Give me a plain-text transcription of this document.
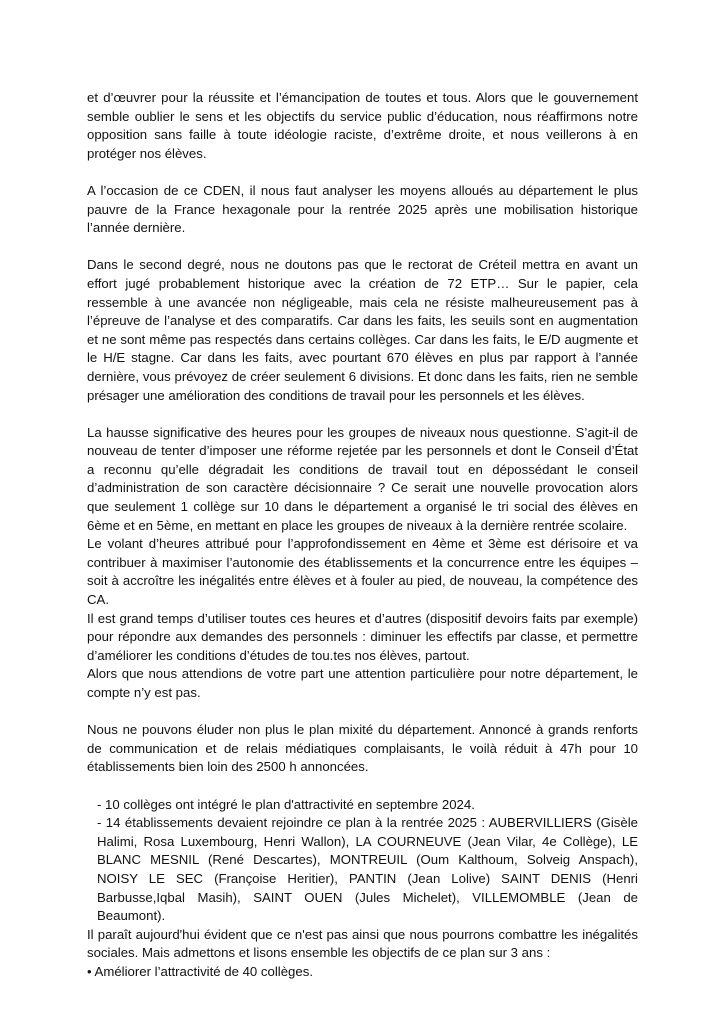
et d’œuvrer pour la réussite et l’émancipation de toutes et tous. Alors que le gouvernement semble oublier le sens et les objectifs du service public d’éducation, nous réaffirmons notre opposition sans faille à toute idéologie raciste, d’extrême droite, et nous veillerons à en protéger nos élèves.

A l’occasion de ce CDEN, il nous faut analyser les moyens alloués au département le plus pauvre de la France hexagonale pour la rentrée 2025 après une mobilisation historique l’année dernière.

Dans le second degré, nous ne doutons pas que le rectorat de Créteil mettra en avant un effort jugé probablement historique avec la création de 72 ETP… Sur le papier, cela ressemble à une avancée non négligeable, mais cela ne résiste malheureusement pas à l’épreuve de l’analyse et des comparatifs. Car dans les faits, les seuils sont en augmentation et ne sont même pas respectés dans certains collèges. Car dans les faits, le E/D augmente et le H/E stagne. Car dans les faits, avec pourtant 670 élèves en plus par rapport à l’année dernière, vous prévoyez de créer seulement 6 divisions. Et donc dans les faits, rien ne semble présager une amélioration des conditions de travail pour les personnels et les élèves.

La hausse significative des heures pour les groupes de niveaux nous questionne. S’agit-il de nouveau de tenter d’imposer une réforme rejetée par les personnels et dont le Conseil d’État a reconnu qu’elle dégradait les conditions de travail tout en dépossédant le conseil d’administration de son caractère décisionnaire ? Ce serait une nouvelle provocation alors que seulement 1 collège sur 10 dans le département a organisé le tri social des élèves en 6ème et en 5ème, en mettant en place les groupes de niveaux à la dernière rentrée scolaire.

Le volant d’heures attribué pour l’approfondissement en 4ème et 3ème est dérisoire et va contribuer à maximiser l’autonomie des établissements et la concurrence entre les équipes – soit à accroître les inégalités entre élèves et à fouler au pied, de nouveau, la compétence des CA.

Il est grand temps d’utiliser toutes ces heures et d’autres (dispositif devoirs faits par exemple) pour répondre aux demandes des personnels : diminuer les effectifs par classe, et permettre d’améliorer les conditions d’études de tou.tes nos élèves, partout.

Alors que nous attendions de votre part une attention particulière pour notre département, le compte n’y est pas.

Nous ne pouvons éluder non plus le plan mixité du département. Annoncé à grands renforts de communication et de relais médiatiques complaisants, le voilà réduit à 47h pour 10 établissements bien loin des 2500 h annoncées.

- 10 collèges ont intégré le plan d'attractivité en septembre 2024.

- 14 établissements devaient rejoindre ce plan à la rentrée 2025 : AUBERVILLIERS (Gisèle Halimi, Rosa Luxembourg, Henri Wallon), LA COURNEUVE (Jean Vilar, 4e Collège), LE BLANC MESNIL (René Descartes), MONTREUIL (Oum Kalthoum, Solveig Anspach), NOISY LE SEC (Françoise Heritier), PANTIN (Jean Lolive) SAINT DENIS (Henri Barbusse,Iqbal Masih), SAINT OUEN (Jules Michelet), VILLEMOMBLE (Jean de Beaumont).

Il paraît aujourd'hui évident que ce n'est pas ainsi que nous pourrons combattre les inégalités sociales. Mais admettons et lisons ensemble les objectifs de ce plan sur 3 ans :

• Améliorer l’attractivité de 40 collèges.
